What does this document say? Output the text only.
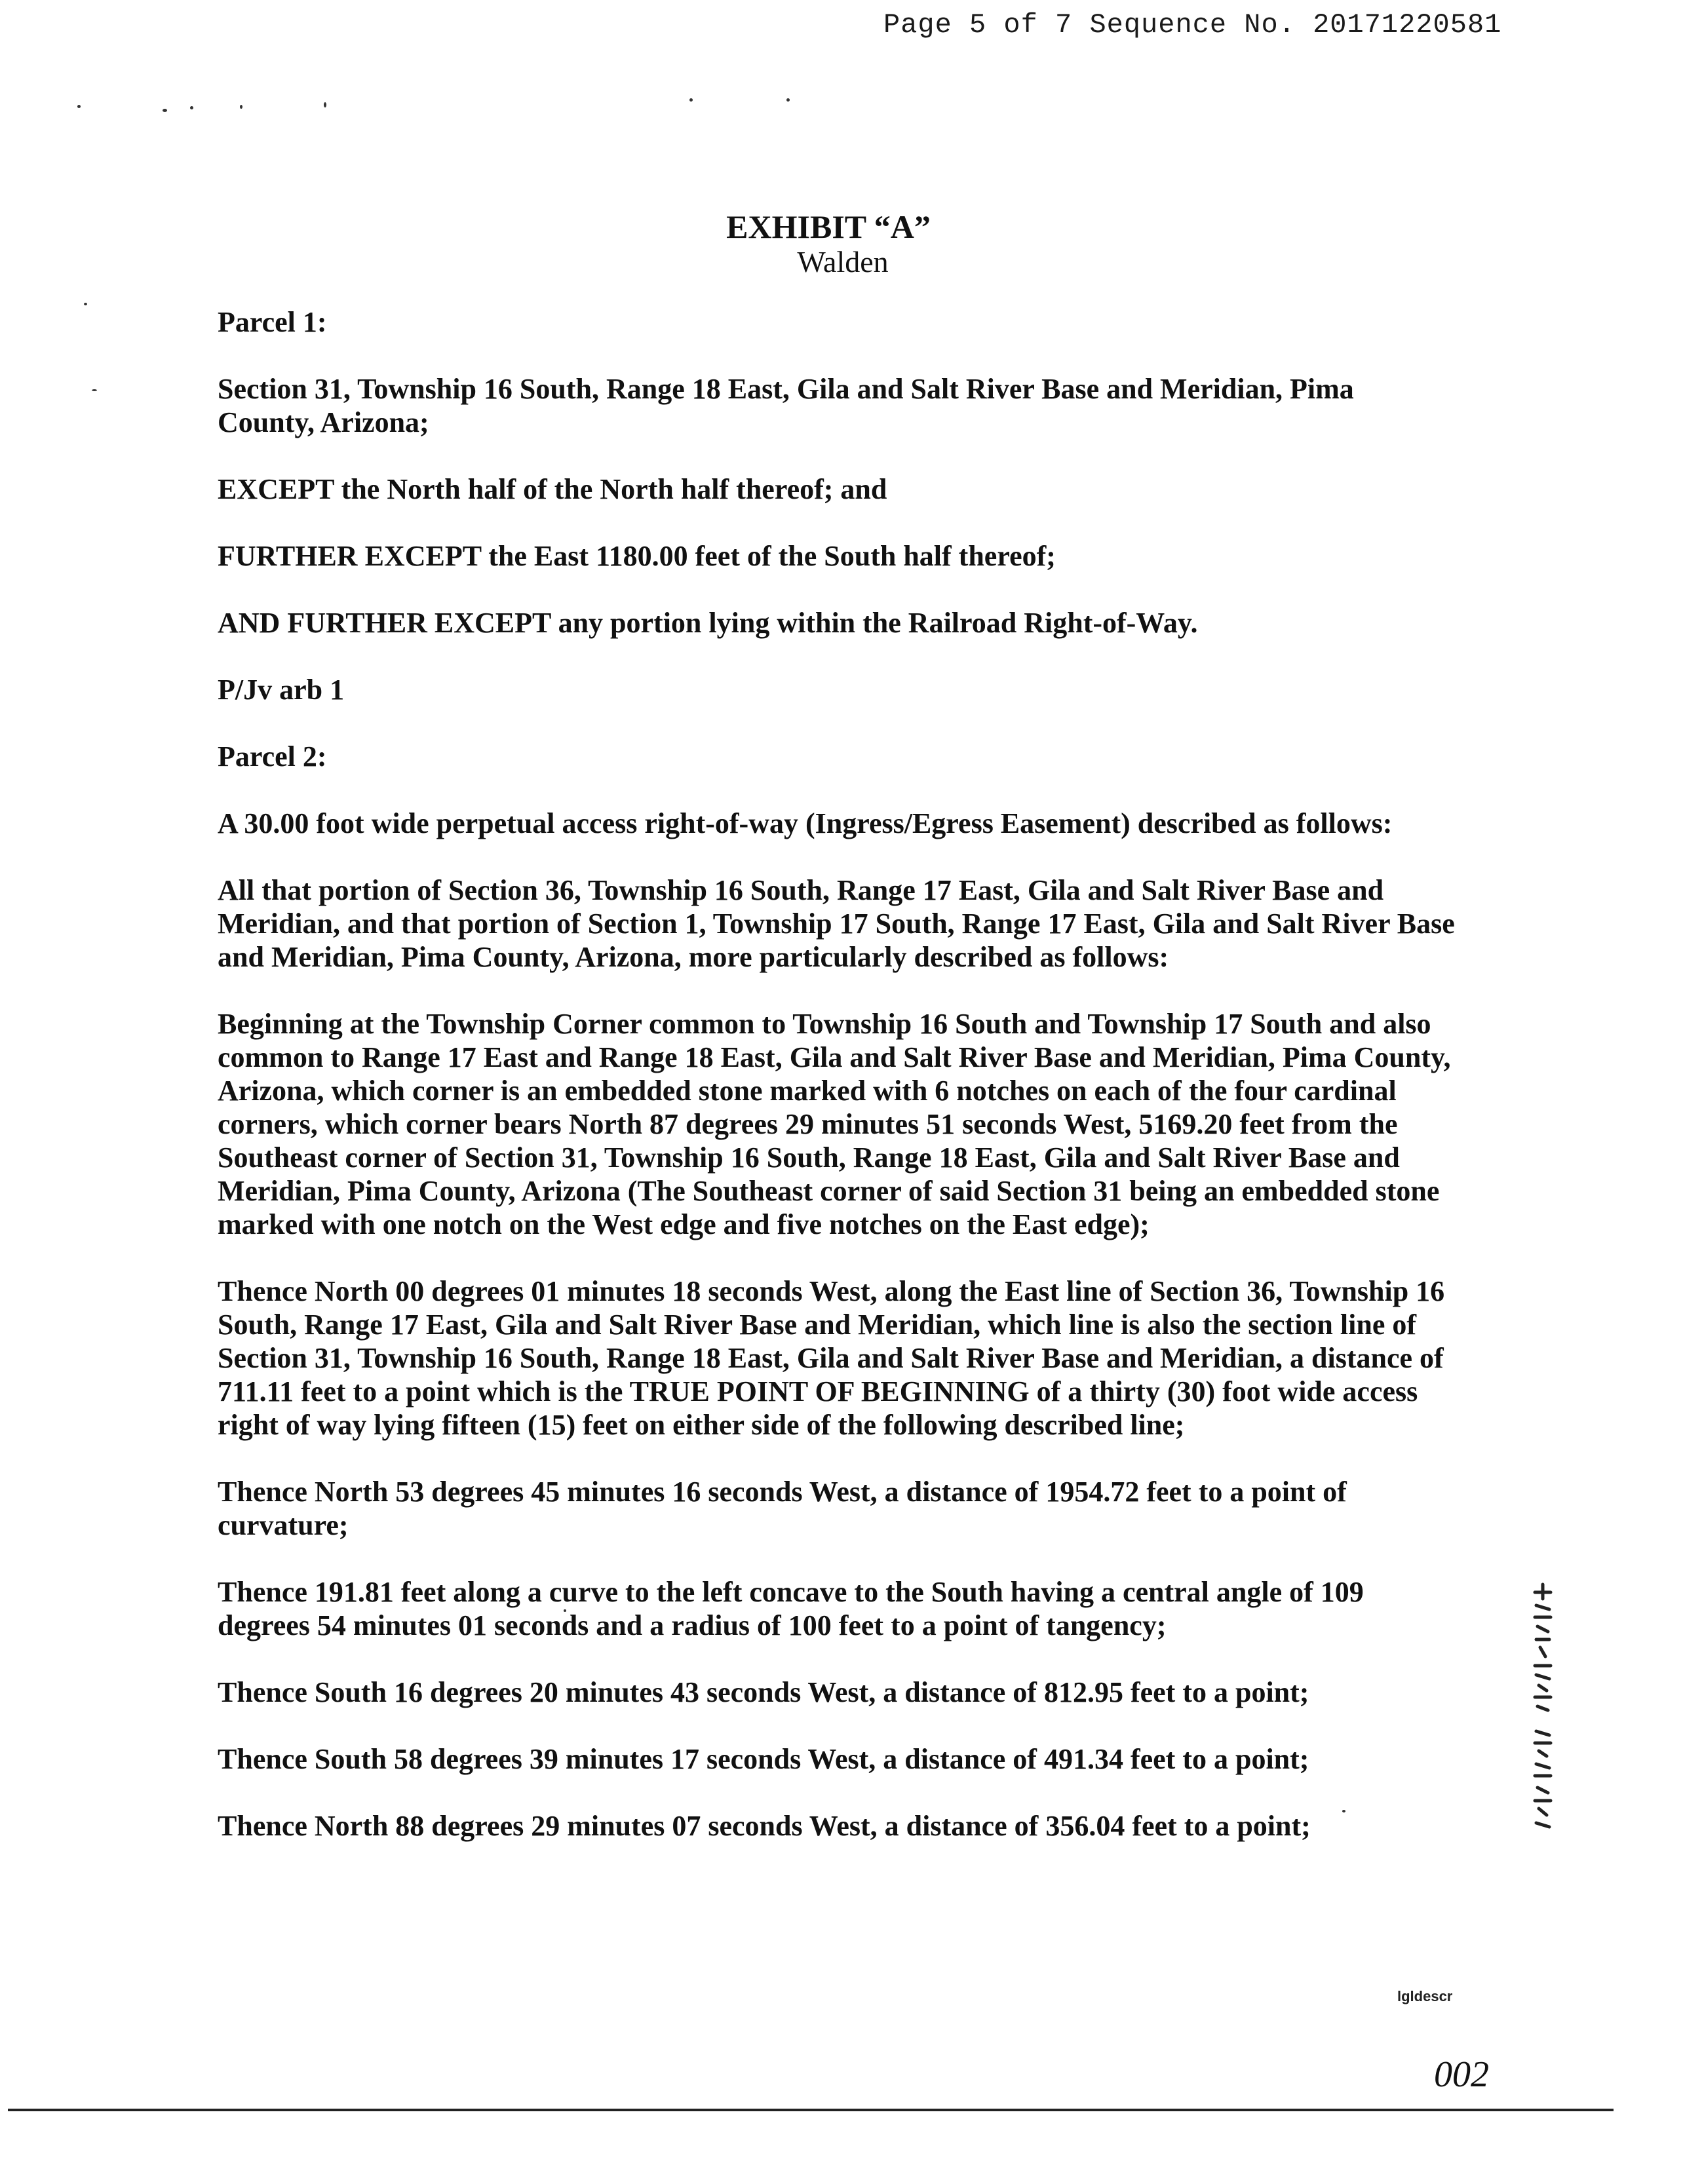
Page 5 of 7 Sequence No. 20171220581
EXHIBIT “A”
Walden

Parcel 1:

Section 31, Township 16 South, Range 18 East, Gila and Salt River Base and Meridian, Pima County, Arizona;

EXCEPT the North half of the North half thereof; and

FURTHER EXCEPT the East 1180.00 feet of the South half thereof;

AND FURTHER EXCEPT any portion lying within the Railroad Right-of-Way.

P/Jv arb 1

Parcel 2:

A 30.00 foot wide perpetual access right-of-way (Ingress/Egress Easement) described as follows:

All that portion of Section 36, Township 16 South, Range 17 East, Gila and Salt River Base and Meridian, and that portion of Section 1, Township 17 South, Range 17 East, Gila and Salt River Base and Meridian, Pima County, Arizona, more particularly described as follows:

Beginning at the Township Corner common to Township 16 South and Township 17 South and also common to Range 17 East and Range 18 East, Gila and Salt River Base and Meridian, Pima County, Arizona, which corner is an embedded stone marked with 6 notches on each of the four cardinal corners, which corner bears North 87 degrees 29 minutes 51 seconds West, 5169.20 feet from the Southeast corner of Section 31, Township 16 South, Range 18 East, Gila and Salt River Base and Meridian, Pima County, Arizona (The Southeast corner of said Section 31 being an embedded stone marked with one notch on the West edge and five notches on the East edge);

Thence North 00 degrees 01 minutes 18 seconds West, along the East line of Section 36, Township 16 South, Range 17 East, Gila and Salt River Base and Meridian, which line is also the section line of Section 31, Township 16 South, Range 18 East, Gila and Salt River Base and Meridian, a distance of 711.11 feet to a point which is the TRUE POINT OF BEGINNING of a thirty (30) foot wide access right of way lying fifteen (15) feet on either side of the following described line;

Thence North 53 degrees 45 minutes 16 seconds West, a distance of 1954.72 feet to a point of curvature;

Thence 191.81 feet along a curve to the left concave to the South having a central angle of 109 degrees 54 minutes 01 seconds and a radius of 100 feet to a point of tangency;

Thence South 16 degrees 20 minutes 43 seconds West, a distance of 812.95 feet to a point;

Thence South 58 degrees 39 minutes 17 seconds West, a distance of 491.34 feet to a point;

Thence North 88 degrees 29 minutes 07 seconds West, a distance of 356.04 feet to a point;

lgldescr
002
